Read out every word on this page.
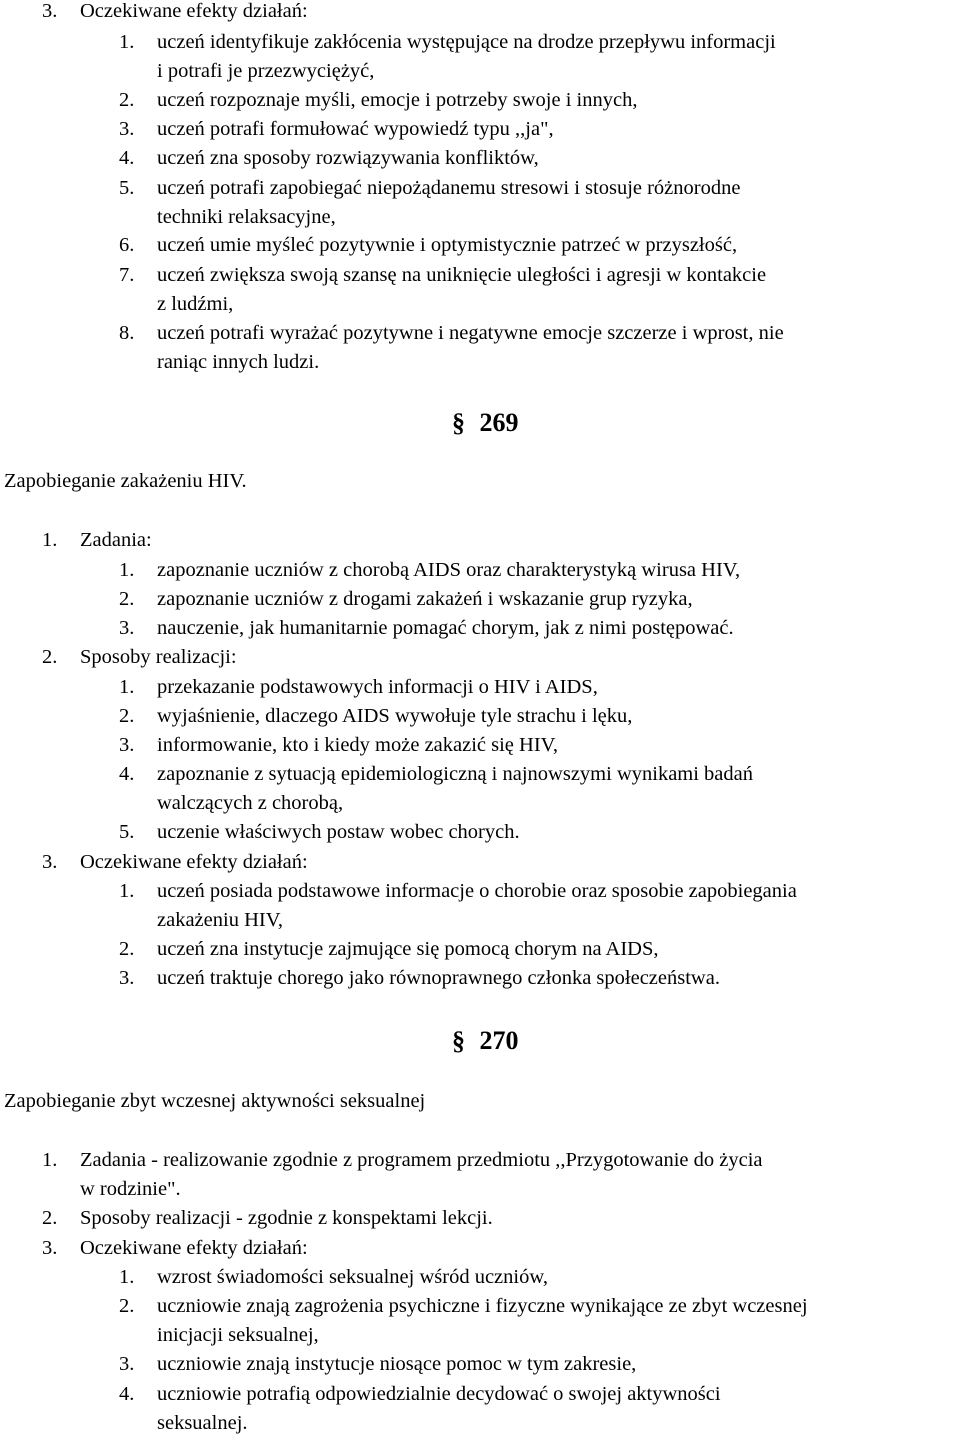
3. Oczekiwane efekty działań:
1. uczeń identyfikuje zakłócenia występujące na drodze przepływu informacji
i potrafi je przezwyciężyć,
2. uczeń rozpoznaje myśli, emocje i potrzeby swoje i innych,
3. uczeń potrafi formułować wypowiedź typu ,,ja",
4. uczeń zna sposoby rozwiązywania konfliktów,
5. uczeń potrafi zapobiegać niepożądanemu stresowi i stosuje różnorodne
techniki relaksacyjne,
6. uczeń umie myśleć pozytywnie i optymistycznie patrzeć w przyszłość,
7. uczeń zwiększa swoją szansę na uniknięcie uległości i agresji w kontakcie
z ludźmi,
8. uczeń potrafi wyrażać pozytywne i negatywne emocje szczerze i wprost, nie
raniąc innych ludzi.
§ 269
Zapobieganie zakażeniu HIV.
1. Zadania:
1. zapoznanie uczniów z chorobą AIDS oraz charakterystyką wirusa HIV,
2. zapoznanie uczniów z drogami zakażeń i wskazanie grup ryzyka,
3. nauczenie, jak humanitarnie pomagać chorym, jak z nimi postępować.
2. Sposoby realizacji:
1. przekazanie podstawowych informacji o HIV i AIDS,
2. wyjaśnienie, dlaczego AIDS wywołuje tyle strachu i lęku,
3. informowanie, kto i kiedy może zakazić się HIV,
4. zapoznanie z sytuacją epidemiologiczną i najnowszymi wynikami badań
walczących z chorobą,
5. uczenie właściwych postaw wobec chorych.
3. Oczekiwane efekty działań:
1. uczeń posiada podstawowe informacje o chorobie oraz sposobie zapobiegania
zakażeniu HIV,
2. uczeń zna instytucje zajmujące się pomocą chorym na AIDS,
3. uczeń traktuje chorego jako równoprawnego członka społeczeństwa.
§ 270
Zapobieganie zbyt wczesnej aktywności seksualnej
1. Zadania - realizowanie zgodnie z programem przedmiotu ,,Przygotowanie do życia
w rodzinie".
2. Sposoby realizacji - zgodnie z konspektami lekcji.
3. Oczekiwane efekty działań:
1. wzrost świadomości seksualnej wśród uczniów,
2. uczniowie znają zagrożenia psychiczne i fizyczne wynikające ze zbyt wczesnej
inicjacji seksualnej,
3. uczniowie znają instytucje niosące pomoc w tym zakresie,
4. uczniowie potrafią odpowiedzialnie decydować o swojej aktywności
seksualnej.
